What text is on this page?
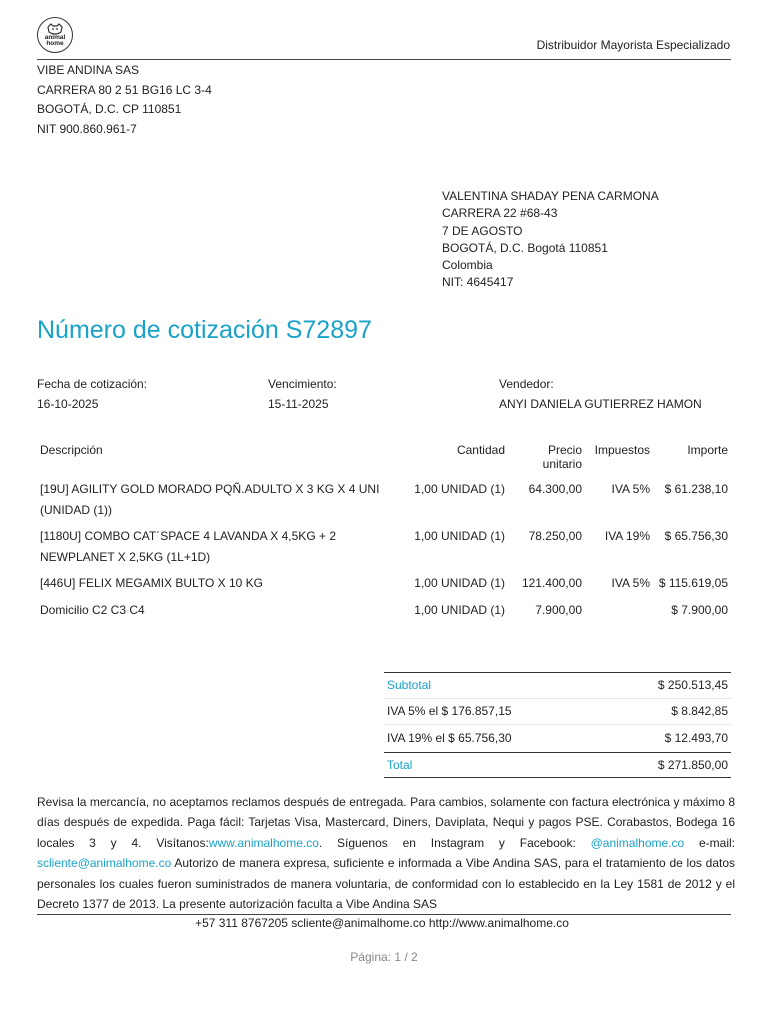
animal home	Distribuidor Mayorista Especializado
VIBE ANDINA SAS
CARRERA 80 2 51 BG16 LC 3-4
BOGOTÁ, D.C. CP 110851
NIT 900.860.961-7
VALENTINA SHADAY PENA CARMONA
CARRERA 22 #68-43
7 DE AGOSTO
BOGOTÁ, D.C. Bogotá 110851
Colombia
NIT: 4645417
Número de cotización S72897
Fecha de cotización:
16-10-2025
Vencimiento:
15-11-2025
Vendedor:
ANYI DANIELA GUTIERREZ HAMON
Descripción	Cantidad	Precio unitario	Impuestos	Importe
[19U] AGILITY GOLD MORADO PQÑ.ADULTO X 3 KG X 4 UNI (UNIDAD (1))	1,00 UNIDAD (1)	64.300,00	IVA 5%	$ 61.238,10
[1180U] COMBO CAT´SPACE 4 LAVANDA X 4,5KG + 2 NEWPLANET X 2,5KG (1L+1D)	1,00 UNIDAD (1)	78.250,00	IVA 19%	$ 65.756,30
[446U] FELIX MEGAMIX BULTO X 10 KG	1,00 UNIDAD (1)	121.400,00	IVA 5%	$ 115.619,05
Domicilio C2 C3 C4	1,00 UNIDAD (1)	7.900,00		$ 7.900,00
Subtotal	$ 250.513,45
IVA 5% el $ 176.857,15	$ 8.842,85
IVA 19% el $ 65.756,30	$ 12.493,70
Total	$ 271.850,00
Revisa la mercancía, no aceptamos reclamos después de entregada. Para cambios, solamente con factura electrónica y máximo 8 días después de expedida. Paga fácil: Tarjetas Visa, Mastercard, Diners, Daviplata, Nequi y pagos PSE. Corabastos, Bodega 16 locales 3 y 4. Visítanos:www.animalhome.co. Síguenos en Instagram y Facebook: @animalhome.co e-mail: scliente@animalhome.co Autorizo de manera expresa, suficiente e informada a Vibe Andina SAS, para el tratamiento de los datos personales los cuales fueron suministrados de manera voluntaria, de conformidad con lo establecido en la Ley 1581 de 2012 y el Decreto 1377 de 2013. La presente autorización faculta a Vibe Andina SAS
+57 311 8767205 scliente@animalhome.co http://www.animalhome.co
Página: 1 / 2
